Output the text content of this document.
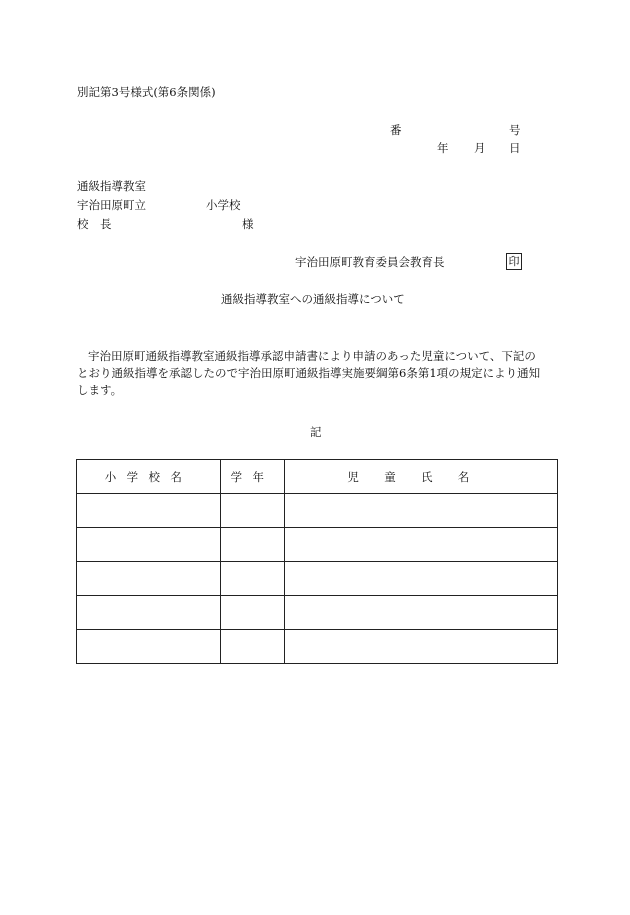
別記第3号様式(第6条関係)
番	号
年 月 日
通級指導教室
宇治田原町立	小学校
校　長	様
宇治田原町教育委員会教育長	印
通級指導教室への通級指導について

宇治田原町通級指導教室通級指導承認申請書により申請のあった児童について、下記の

とおり通級指導を承認したので宇治田原町通級指導実施要綱第6条第1項の規定により通知

します。

記
小学校名	学年	児童氏名
